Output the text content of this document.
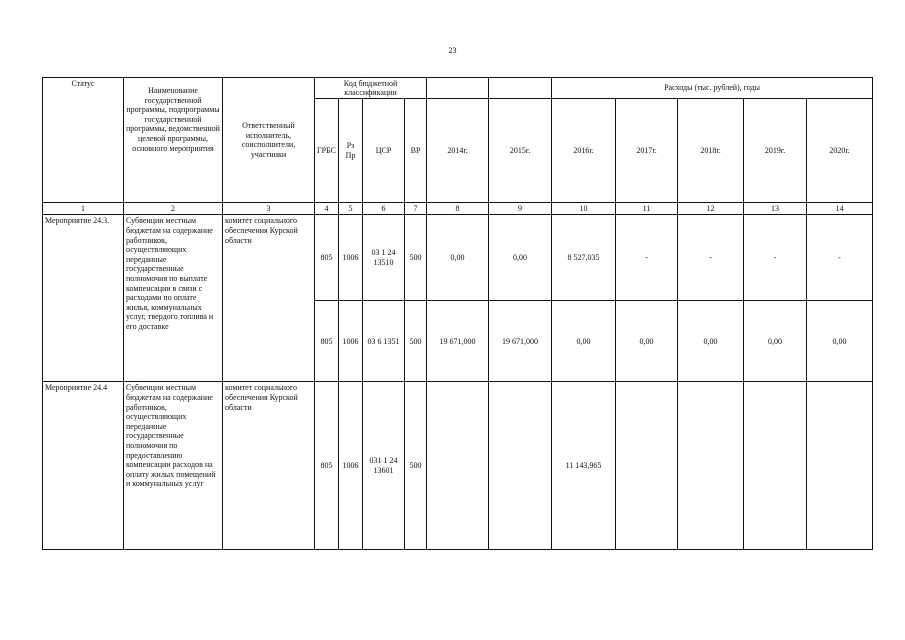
23
Статус	Наименование государственной программы, подпрограммы государственной программы, ведомственной целевой программы, основного мероприятия	Ответственный исполнитель, соисполнители, участники	Код бюджетной классификации						Расходы (тыс. рублей), годы				
			ГРБС	Рз Пр	ЦСР	ВР	2014г.	2015г.	2016г.	2017г.	2018г.	2019г.	2020г.
1	2	3	4	5	6	7	8	9	10	11	12	13	14
Мероприятие 24.3.	Субвенции местным бюджетам на содержание работников, осуществляющих переданные государственные полномочия по выплате компенсации в связи с расходами по оплате жилья, коммунальных услуг, твердого топлива и его доставке	комитет социального обеспечения Курской области	805	1006	03 1 24 13510	500	0,00	0,00	8 527,035	-	-	-	-
			805	1006	03 6 1351	500	19 671,000	19 671,000	0,00	0,00	0,00	0,00	0,00
Мероприятие 24.4	Субвенции местным бюджетам на содержание работников, осуществляющих переданные государственные полномочия по предоставлению компенсации расходов на оплату жилых помещений и коммунальных услуг	комитет социального обеспечения Курской области	805	1006	031 1 24 13601	500			11 143,965				
